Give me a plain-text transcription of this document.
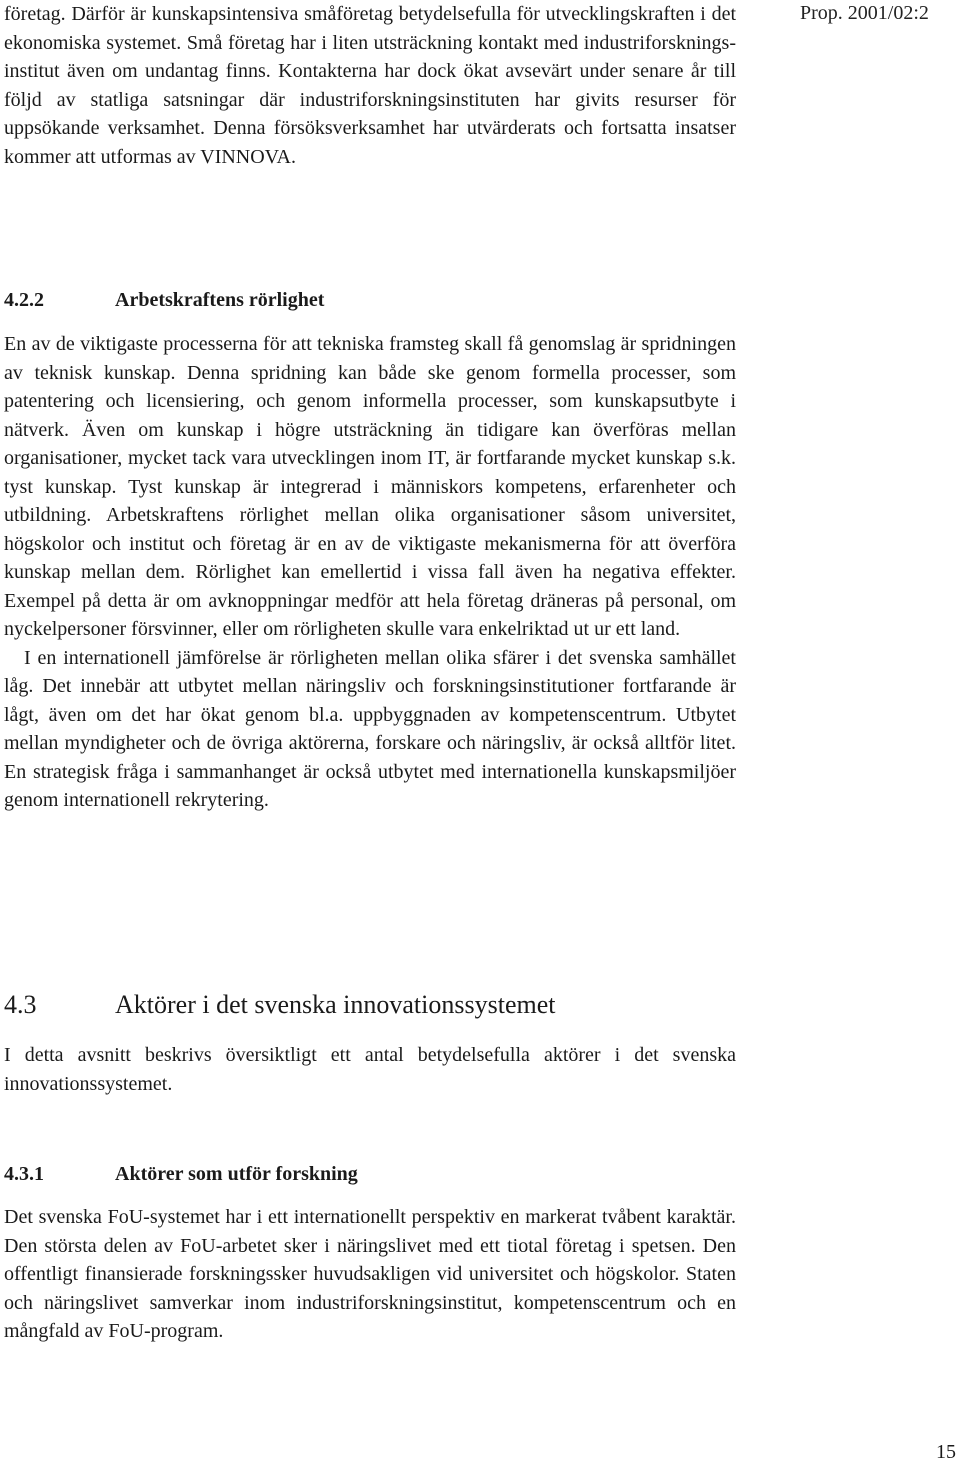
Prop. 2001/02:2

företag. Därför är kunskapsintensiva småföretag betydelsefulla för utvecklingskraften i det ekonomiska systemet. Små företag har i liten utsträckning kontakt med industriforskningsinstitut även om undantag finns. Kontakterna har dock ökat avsevärt under senare år till följd av statliga satsningar där industriforskningsinstituten har givits resurser för uppsökande verksamhet. Denna försöksverksamhet har utvärderats och fortsatta insatser kommer att utformas av VINNOVA.

4.2.2	Arbetskraftens rörlighet

En av de viktigaste processerna för att tekniska framsteg skall få genomslag är spridningen av teknisk kunskap. Denna spridning kan både ske genom formella processer, som patentering och licensiering, och genom informella processer, som kunskapsutbyte i nätverk. Även om kunskap i högre utsträckning än tidigare kan överföras mellan organisationer, mycket tack vara utvecklingen inom IT, är fortfarande mycket kunskap s.k. tyst kunskap. Tyst kunskap är integrerad i människors kompetens, erfarenheter och utbildning. Arbetskraftens rörlighet mellan olika organisationer såsom universitet, högskolor och institut och företag är en av de viktigaste mekanismerna för att överföra kunskap mellan dem. Rörlighet kan emellertid i vissa fall även ha negativa effekter. Exempel på detta är om avknoppningar medför att hela företag dräneras på personal, om nyckelpersoner försvinner, eller om rörligheten skulle vara enkelriktad ut ur ett land.

I en internationell jämförelse är rörligheten mellan olika sfärer i det svenska samhället låg. Det innebär att utbytet mellan näringsliv och forskningsinstitutioner fortfarande är lågt, även om det har ökat genom bl.a. uppbyggnaden av kompetenscentrum. Utbytet mellan myndigheter och de övriga aktörerna, forskare och näringsliv, är också alltför litet. En strategisk fråga i sammanhanget är också utbytet med internationella kunskapsmiljöer genom internationell rekrytering.

4.3	Aktörer i det svenska innovationssystemet

I detta avsnitt beskrivs översiktligt ett antal betydelsefulla aktörer i det svenska innovationssystemet.

4.3.1	Aktörer som utför forskning

Det svenska FoU-systemet har i ett internationellt perspektiv en markerat tvåbent karaktär. Den största delen av FoU-arbetet sker i näringslivet med ett tiotal företag i spetsen. Den offentligt finansierade forskningssker huvudsakligen vid universitet och högskolor. Staten och näringslivet samverkar inom industriforskningsinstitut, kompetenscentrum och en mångfald av FoU-program.

15
